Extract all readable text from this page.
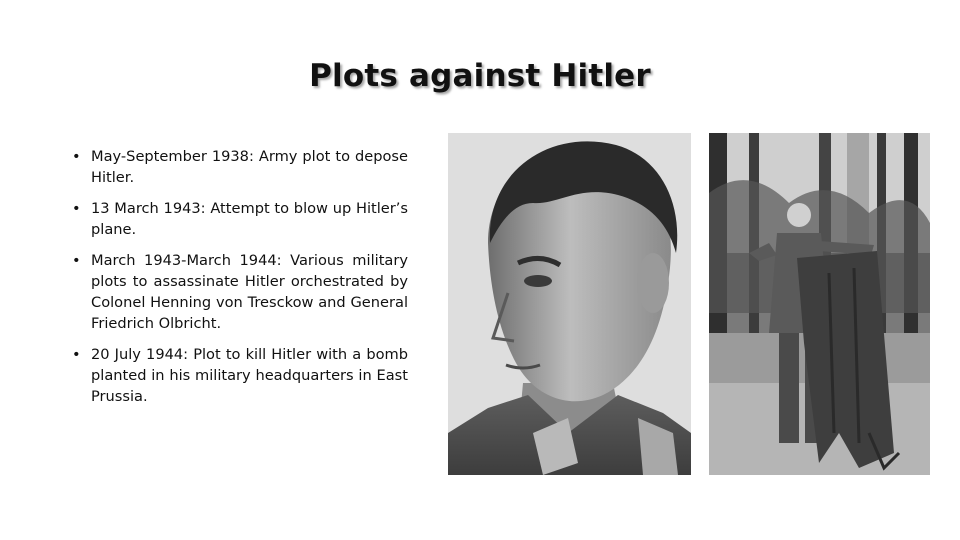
Plots against Hitler
• May-September 1938: Army plot to depose Hitler.
• 13 March 1943: Attempt to blow up Hitler’s plane.
• March 1943-March 1944: Various military plots to assassinate Hitler orchestrated by Colonel Henning von Tresckow and General Friedrich Olbricht.
• 20 July 1944: Plot to kill Hitler with a bomb planted in his military headquarters in East Prussia.
